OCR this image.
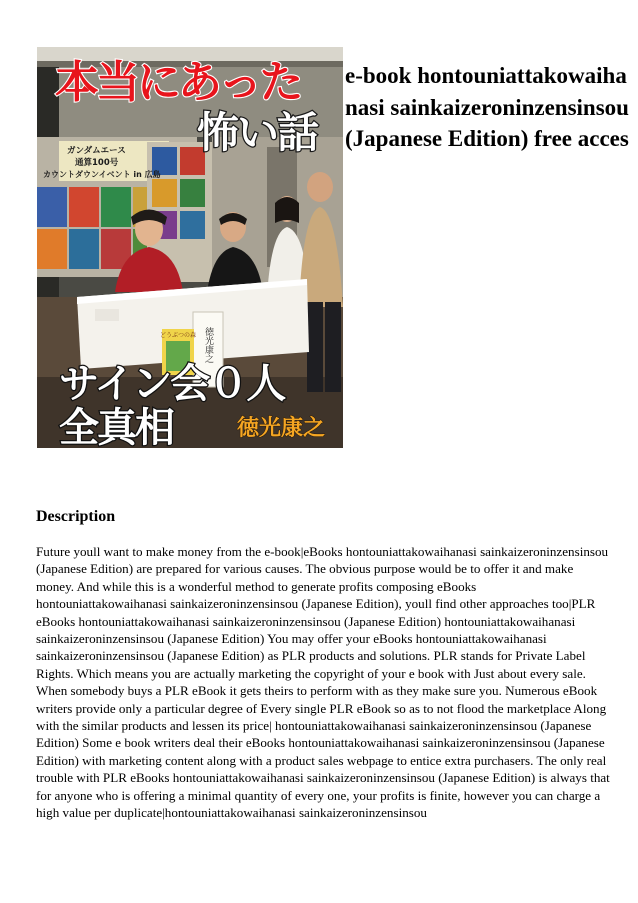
どうぶつの森 徳光康之
ガンダムエース
通算100号
カウントダウンイベント in 広島
本当にあった
怖い話
サイン会０人
全真相	徳光康之
e-book hontouniattakowaihanasi sainkaizeroninzensinsou (Japanese Edition) free acces
Description

Future youll want to make money from the e-book|eBooks hontouniattakowaihanasi sainkaizeroninzensinsou (Japanese Edition) are prepared for various causes. The obvious purpose would be to offer it and make money. And while this is a wonderful method to generate profits composing eBooks hontouniattakowaihanasi sainkaizeroninzensinsou (Japanese Edition), youll find other approaches too|PLR eBooks hontouniattakowaihanasi sainkaizeroninzensinsou (Japanese Edition) hontouniattakowaihanasi sainkaizeroninzensinsou (Japanese Edition) You may offer your eBooks hontouniattakowaihanasi sainkaizeroninzensinsou (Japanese Edition) as PLR products and solutions. PLR stands for Private Label Rights. Which means you are actually marketing the copyright of your e book with Just about every sale. When somebody buys a PLR eBook it gets theirs to perform with as they make sure you. Numerous eBook writers provide only a particular degree of Every single PLR eBook so as to not flood the marketplace Along with the similar products and lessen its price| hontouniattakowaihanasi sainkaizeroninzensinsou (Japanese Edition) Some e book writers deal their eBooks hontouniattakowaihanasi sainkaizeroninzensinsou (Japanese Edition) with marketing content along with a product sales webpage to entice extra purchasers. The only real trouble with PLR eBooks hontouniattakowaihanasi sainkaizeroninzensinsou (Japanese Edition) is always that for anyone who is offering a minimal quantity of every one, your profits is finite, however you can charge a high value per duplicate|hontouniattakowaihanasi sainkaizeroninzensinsou
